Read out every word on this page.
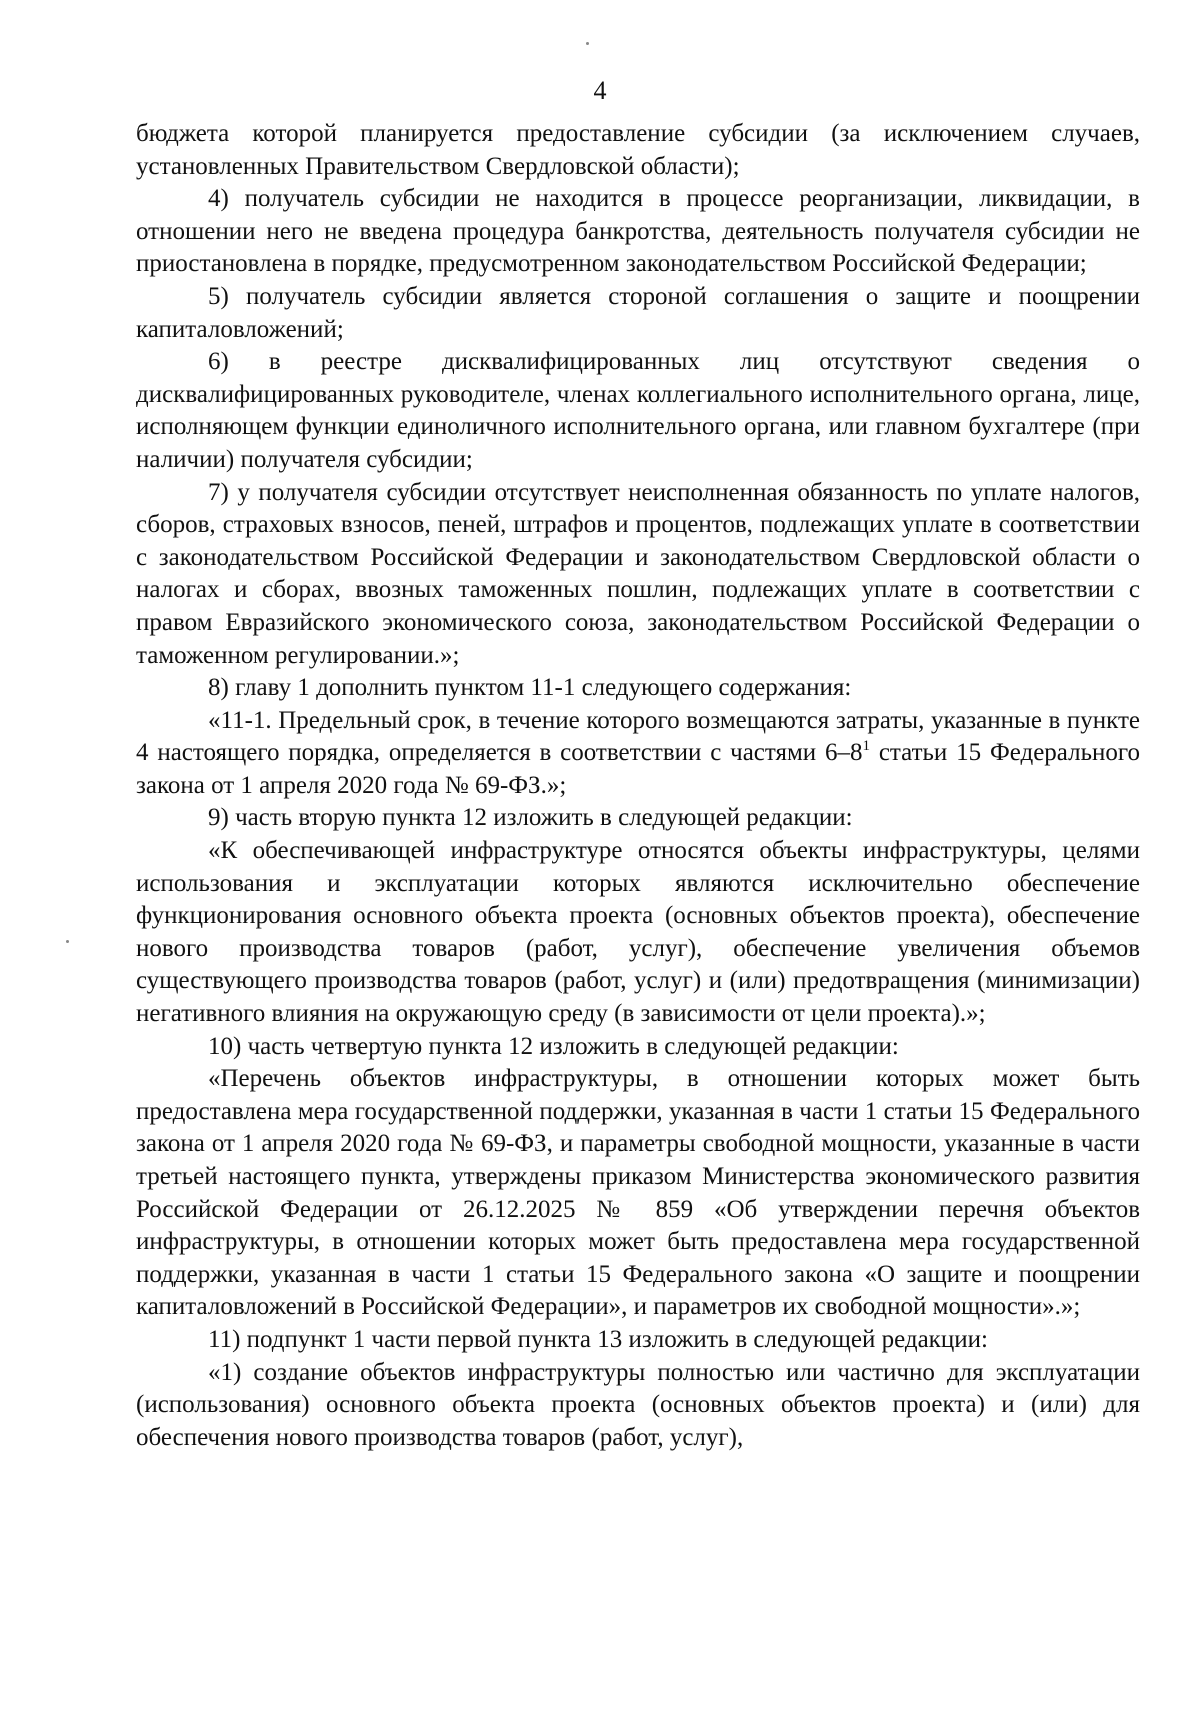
4

бюджета которой планируется предоставление субсидии (за исключением случаев, установленных Правительством Свердловской области);

4) получатель субсидии не находится в процессе реорганизации, ликвидации, в отношении него не введена процедура банкротства, деятельность получателя субсидии не приостановлена в порядке, предусмотренном законодательством Российской Федерации;

5) получатель субсидии является стороной соглашения о защите и поощрении капиталовложений;

6) в реестре дисквалифицированных лиц отсутствуют сведения о дисквалифицированных руководителе, членах коллегиального исполнительного органа, лице, исполняющем функции единоличного исполнительного органа, или главном бухгалтере (при наличии) получателя субсидии;

7) у получателя субсидии отсутствует неисполненная обязанность по уплате налогов, сборов, страховых взносов, пеней, штрафов и процентов, подлежащих уплате в соответствии с законодательством Российской Федерации и законодательством Свердловской области о налогах и сборах, ввозных таможенных пошлин, подлежащих уплате в соответствии с правом Евразийского экономического союза, законодательством Российской Федерации о таможенном регулировании.»;

8) главу 1 дополнить пунктом 11-1 следующего содержания:

«11-1. Предельный срок, в течение которого возмещаются затраты, указанные в пункте 4 настоящего порядка, определяется в соответствии с частями $6-8^1$ статьи 15 Федерального закона от 1 апреля 2020 года № 69-ФЗ.»;

9) часть вторую пункта 12 изложить в следующей редакции:

«К обеспечивающей инфраструктуре относятся объекты инфраструктуры, целями использования и эксплуатации которых являются исключительно обеспечение функционирования основного объекта проекта (основных объектов проекта), обеспечение нового производства товаров (работ, услуг), обеспечение увеличения объемов существующего производства товаров (работ, услуг) и (или) предотвращения (минимизации) негативного влияния на окружающую среду (в зависимости от цели проекта).»;

10) часть четвертую пункта 12 изложить в следующей редакции:

«Перечень объектов инфраструктуры, в отношении которых может быть предоставлена мера государственной поддержки, указанная в части 1 статьи 15 Федерального закона от 1 апреля 2020 года № 69-ФЗ, и параметры свободной мощности, указанные в части третьей настоящего пункта, утверждены приказом Министерства экономического развития Российской Федерации от 26.12.2025 № 859 «Об утверждении перечня объектов инфраструктуры, в отношении которых может быть предоставлена мера государственной поддержки, указанная в части 1 статьи 15 Федерального закона «О защите и поощрении капиталовложений в Российской Федерации», и параметров их свободной мощности».»;

11) подпункт 1 части первой пункта 13 изложить в следующей редакции:

«1) создание объектов инфраструктуры полностью или частично для эксплуатации (использования) основного объекта проекта (основных объектов проекта) и (или) для обеспечения нового производства товаров (работ, услуг),
